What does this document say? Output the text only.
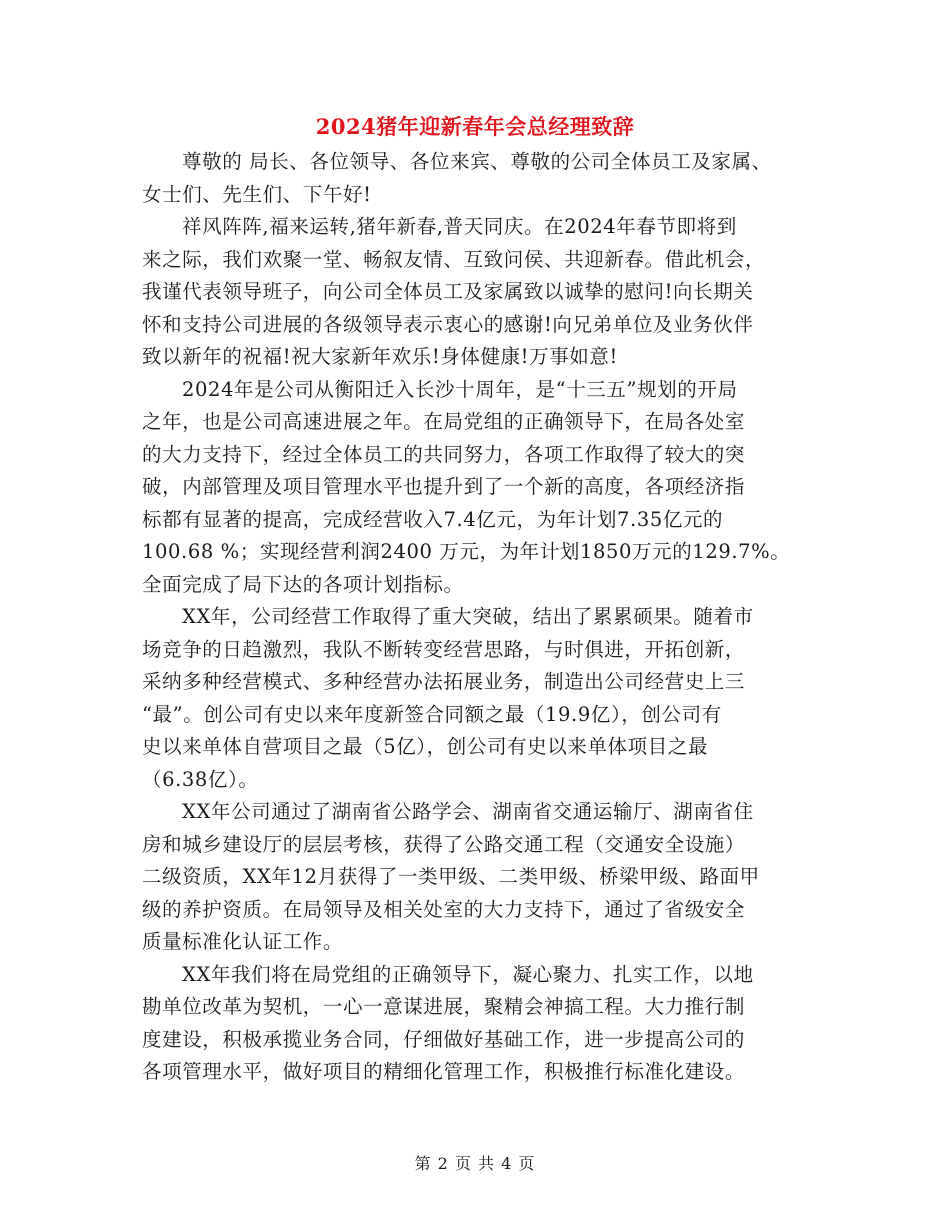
2024猪年迎新春年会总经理致辞

尊敬的 局长、各位领导、各位来宾、尊敬的公司全体员工及家属、
女士们、先生们、下午好!

祥风阵阵,福来运转,猪年新春,普天同庆。在2024年春节即将到
来之际，我们欢聚一堂、畅叙友情、互致问侯、共迎新春。借此机会，
我谨代表领导班子，向公司全体员工及家属致以诚挚的慰问!向长期关
怀和支持公司进展的各级领导表示衷心的感谢!向兄弟单位及业务伙伴
致以新年的祝福!祝大家新年欢乐!身体健康!万事如意!

2024年是公司从衡阳迁入长沙十周年，是“十三五”规划的开局
之年，也是公司高速进展之年。在局党组的正确领导下，在局各处室
的大力支持下，经过全体员工的共同努力，各项工作取得了较大的突
破，内部管理及项目管理水平也提升到了一个新的高度，各项经济指
标都有显著的提高，完成经营收入7.4亿元，为年计划7.35亿元的
100.68 %；实现经营利润2400 万元，为年计划1850万元的129.7%。
全面完成了局下达的各项计划指标。

XX年，公司经营工作取得了重大突破，结出了累累硕果。随着市
场竞争的日趋激烈，我队不断转变经营思路，与时俱进，开拓创新，
采纳多种经营模式、多种经营办法拓展业务，制造出公司经营史上三
“最”。创公司有史以来年度新签合同额之最（19.9亿），创公司有
史以来单体自营项目之最（5亿），创公司有史以来单体项目之最
（6.38亿）。

XX年公司通过了湖南省公路学会、湖南省交通运输厅、湖南省住
房和城乡建设厅的层层考核，获得了公路交通工程（交通安全设施）
二级资质，XX年12月获得了一类甲级、二类甲级、桥梁甲级、路面甲
级的养护资质。在局领导及相关处室的大力支持下，通过了省级安全
质量标准化认证工作。

XX年我们将在局党组的正确领导下，凝心聚力、扎实工作，以地
勘单位改革为契机，一心一意谋进展，聚精会神搞工程。大力推行制
度建设，积极承揽业务合同，仔细做好基础工作，进一步提高公司的
各项管理水平，做好项目的精细化管理工作，积极推行标准化建设。

第 2 页 共 4 页
